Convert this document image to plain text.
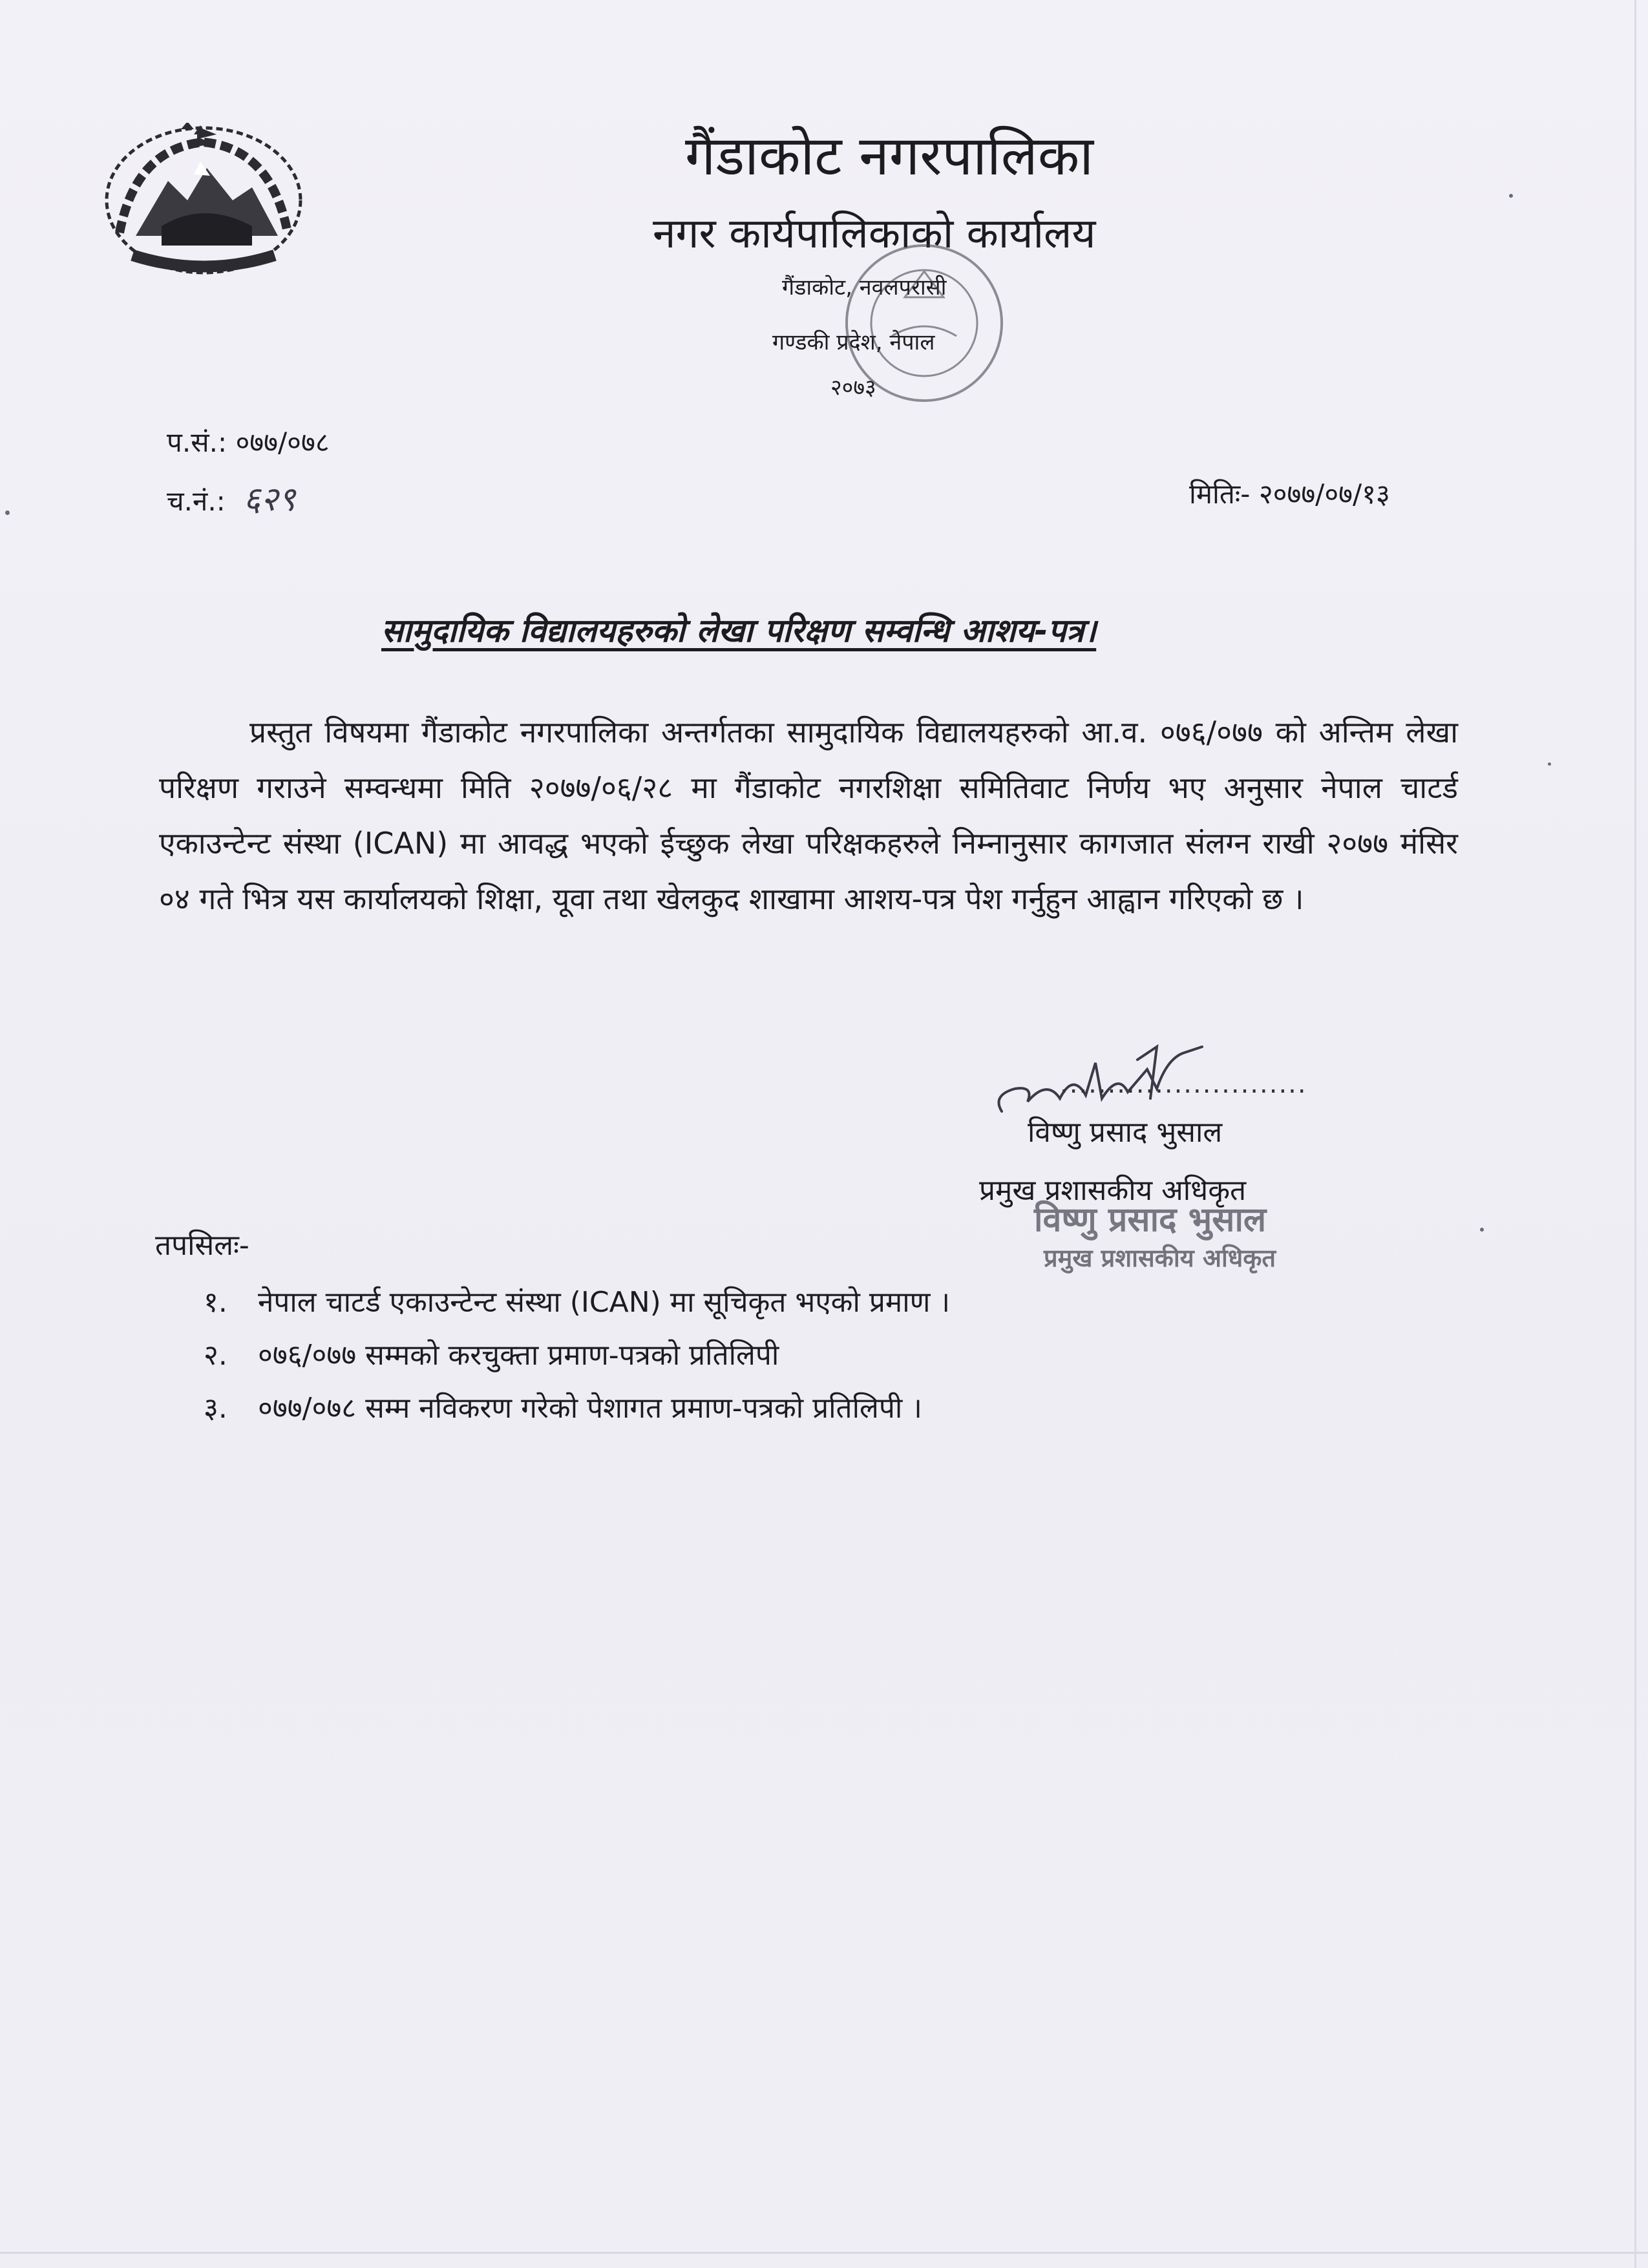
गैंडाकोट नगरपालिका
नगर कार्यपालिकाको कार्यालय
गैंडाकोट, नवलपरासी
गण्डकी प्रदेश, नेपाल
२०७३
प.सं.: ०७७/०७८
च.नं.: ६२९	मितिः- २०७७/०७/१३
सामुदायिक विद्यालयहरुको लेखा परिक्षण सम्वन्धि आशय-पत्र।
प्रस्तुत विषयमा गैंडाकोट नगरपालिका अन्तर्गतका सामुदायिक विद्यालयहरुको आ.व. ०७६/०७७ को अन्तिम लेखा परिक्षण गराउने सम्वन्धमा मिति २०७७/०६/२८ मा गैंडाकोट नगरशिक्षा समितिवाट निर्णय भए अनुसार नेपाल चाटर्ड एकाउन्टेन्ट संस्था (ICAN) मा आवद्ध भएको ईच्छुक लेखा परिक्षकहरुले निम्नानुसार कागजात संलग्न राखी २०७७ मंसिर ०४ गते भित्र यस कार्यालयको शिक्षा, यूवा तथा खेलकुद शाखामा आशय-पत्र पेश गर्नुहुन आह्वान गरिएको छ ।
..........................
विष्णु प्रसाद भुसाल
प्रमुख प्रशासकीय अधिकृत
विष्णु प्रसाद भुसाल
प्रमुख प्रशासकीय अधिकृत
तपसिलः-
१. नेपाल चाटर्ड एकाउन्टेन्ट संस्था (ICAN) मा सूचिकृत भएको प्रमाण ।
२. ०७६/०७७ सम्मको करचुक्ता प्रमाण-पत्रको प्रतिलिपी
३. ०७७/०७८ सम्म नविकरण गरेको पेशागत प्रमाण-पत्रको प्रतिलिपी ।
